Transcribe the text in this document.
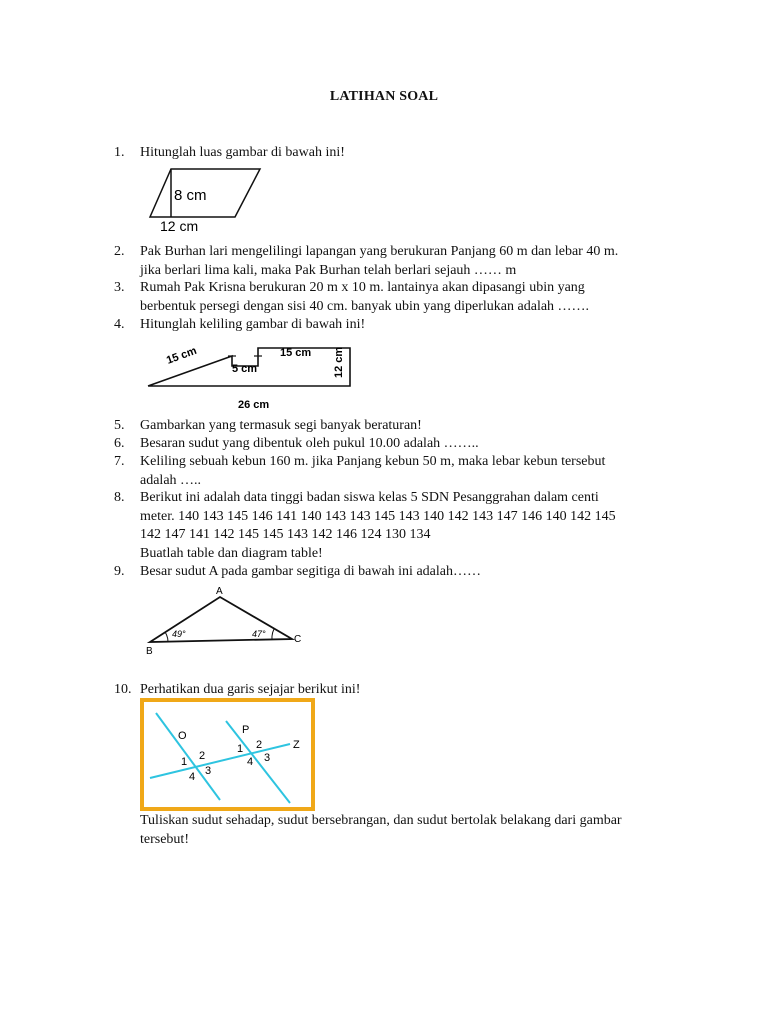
LATIHAN SOAL
1.	Hitunglah luas gambar di bawah ini!
8 cm
12 cm
2.	Pak Burhan lari mengelilingi lapangan yang berukuran Panjang 60 m dan lebar 40 m.
jika berlari lima kali, maka Pak Burhan telah berlari sejauh …… m
3.	Rumah Pak Krisna berukuran 20 m x 10 m. lantainya akan dipasangi ubin yang
berbentuk persegi dengan sisi 40 cm. banyak ubin yang diperlukan adalah …….
4.	Hitunglah keliling gambar di bawah ini!
15 cm
5 cm
15 cm 12 cm
26 cm
5.	Gambarkan yang termasuk segi banyak beraturan!
6.	Besaran sudut yang dibentuk oleh pukul 10.00 adalah ……..
7.	Keliling sebuah kebun 160 m. jika Panjang kebun 50 m, maka lebar kebun tersebut
adalah …..
8.	Berikut ini adalah data tinggi badan siswa kelas 5 SDN Pesanggrahan dalam centi
meter. 140 143 145 146 141 140 143 143 145 143 140 142 143 147 146 140 142 145
142 147 141 142 145 145 143 142 146 124 130 134
Buatlah table dan diagram table!
9.	Besar sudut A pada gambar segitiga di bawah ini adalah……
A
B
C
49°	47°
10. Perhatikan dua garis sejajar berikut ini!
O	P
Z
2
1
3
4
2
1
3
4
Tuliskan sudut sehadap, sudut bersebrangan, dan sudut bertolak belakang dari gambar
tersebut!
